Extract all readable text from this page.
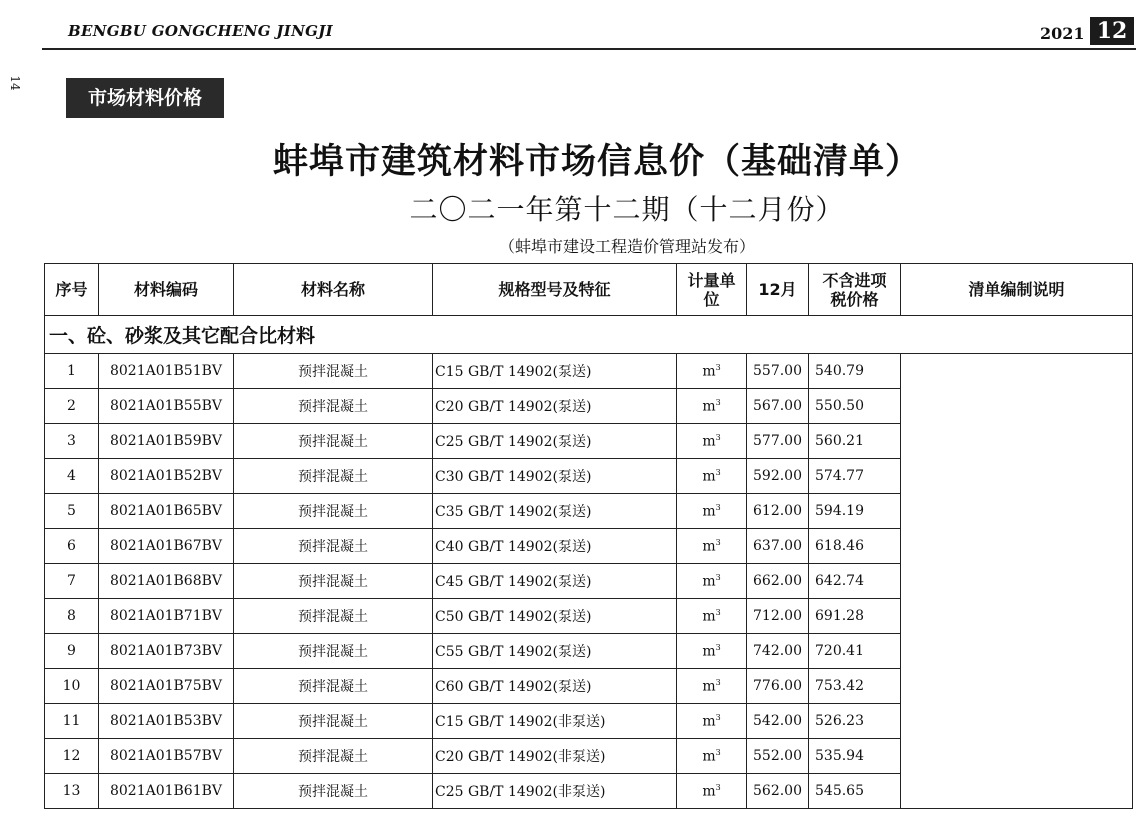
BENGBU GONGCHENG JINGJI	2021 12
14
市场材料价格
蚌埠市建筑材料市场信息价（基础清单）
二〇二一年第十二期（十二月份）
（蚌埠市建设工程造价管理站发布）
序号	材料编码	材料名称	规格型号及特征	计量单位	12月	不含进项税价格	清单编制说明
一、砼、砂浆及其它配合比材料							
1	8021A01B51BV	预拌混凝土	C15 GB/T 14902(泵送)	$m^3$	557.00	540.79	
2	8021A01B55BV	预拌混凝土	C20 GB/T 14902(泵送)	$m^3$	567.00	550.50	
3	8021A01B59BV	预拌混凝土	C25 GB/T 14902(泵送)	$m^3$	577.00	560.21	
4	8021A01B52BV	预拌混凝土	C30 GB/T 14902(泵送)	$m^3$	592.00	574.77	
5	8021A01B65BV	预拌混凝土	C35 GB/T 14902(泵送)	$m^3$	612.00	594.19	
6	8021A01B67BV	预拌混凝土	C40 GB/T 14902(泵送)	$m^3$	637.00	618.46	
7	8021A01B68BV	预拌混凝土	C45 GB/T 14902(泵送)	$m^3$	662.00	642.74	
8	8021A01B71BV	预拌混凝土	C50 GB/T 14902(泵送)	$m^3$	712.00	691.28	
9	8021A01B73BV	预拌混凝土	C55 GB/T 14902(泵送)	$m^3$	742.00	720.41	
10	8021A01B75BV	预拌混凝土	C60 GB/T 14902(泵送)	$m^3$	776.00	753.42	
11	8021A01B53BV	预拌混凝土	C15 GB/T 14902(非泵送)	$m^3$	542.00	526.23	
12	8021A01B57BV	预拌混凝土	C20 GB/T 14902(非泵送)	$m^3$	552.00	535.94	
13	8021A01B61BV	预拌混凝土	C25 GB/T 14902(非泵送)	$m^3$	562.00	545.65	
